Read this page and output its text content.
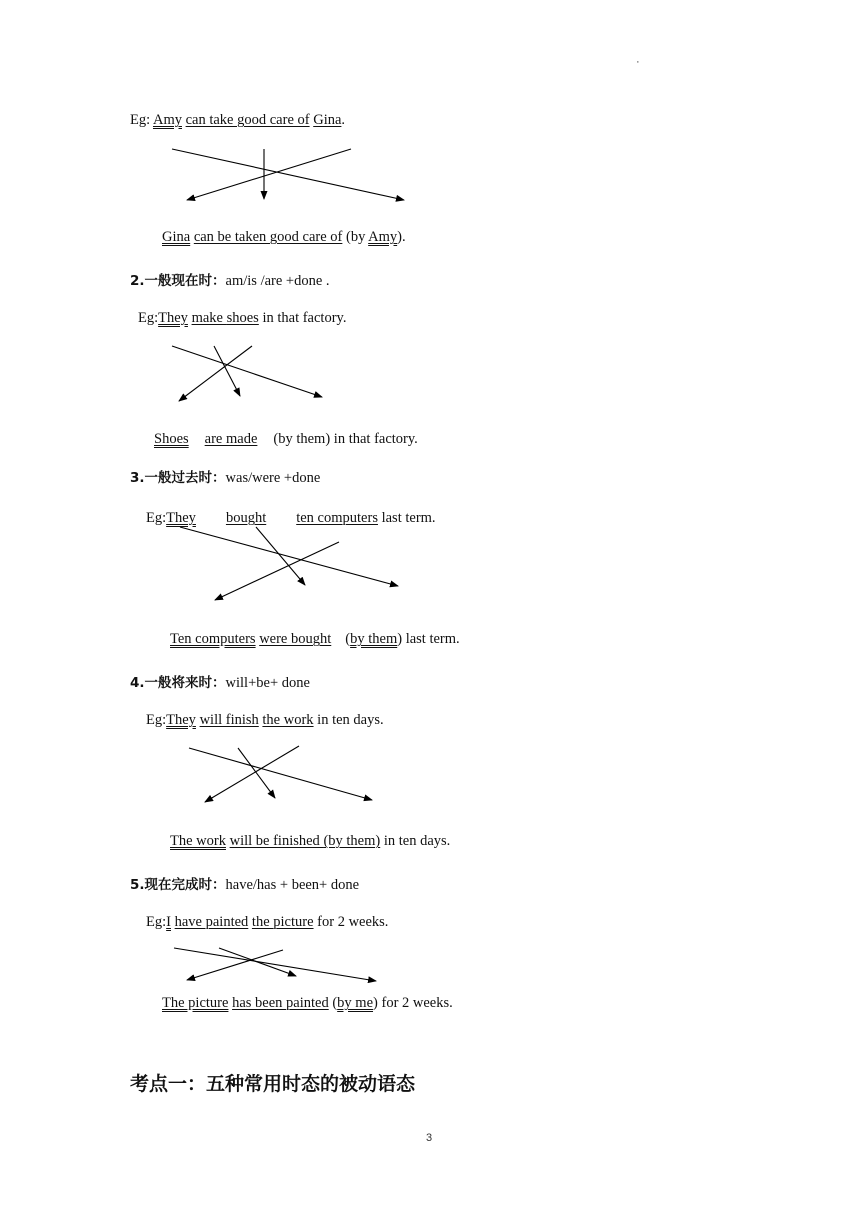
·
Eg: Amy can take good care of Gina.
Gina can be taken good care of (by Amy).
2.一般现在时：am/is /are +done .
Eg:They make shoes in that factory.
Shoes are made (by them) in that factory.
3.一般过去时：was/were +done
Eg:They bought ten computers last term.
Ten computers were bought (by them) last term.
4.一般将来时：will+be+ done
Eg:They will finish the work in ten days.
The work will be finished (by them) in ten days.
5.现在完成时：have/has + been+ done
Eg:I have painted the picture for 2 weeks.
The picture has been painted (by me) for 2 weeks.
考点一：五种常用时态的被动语态
3
